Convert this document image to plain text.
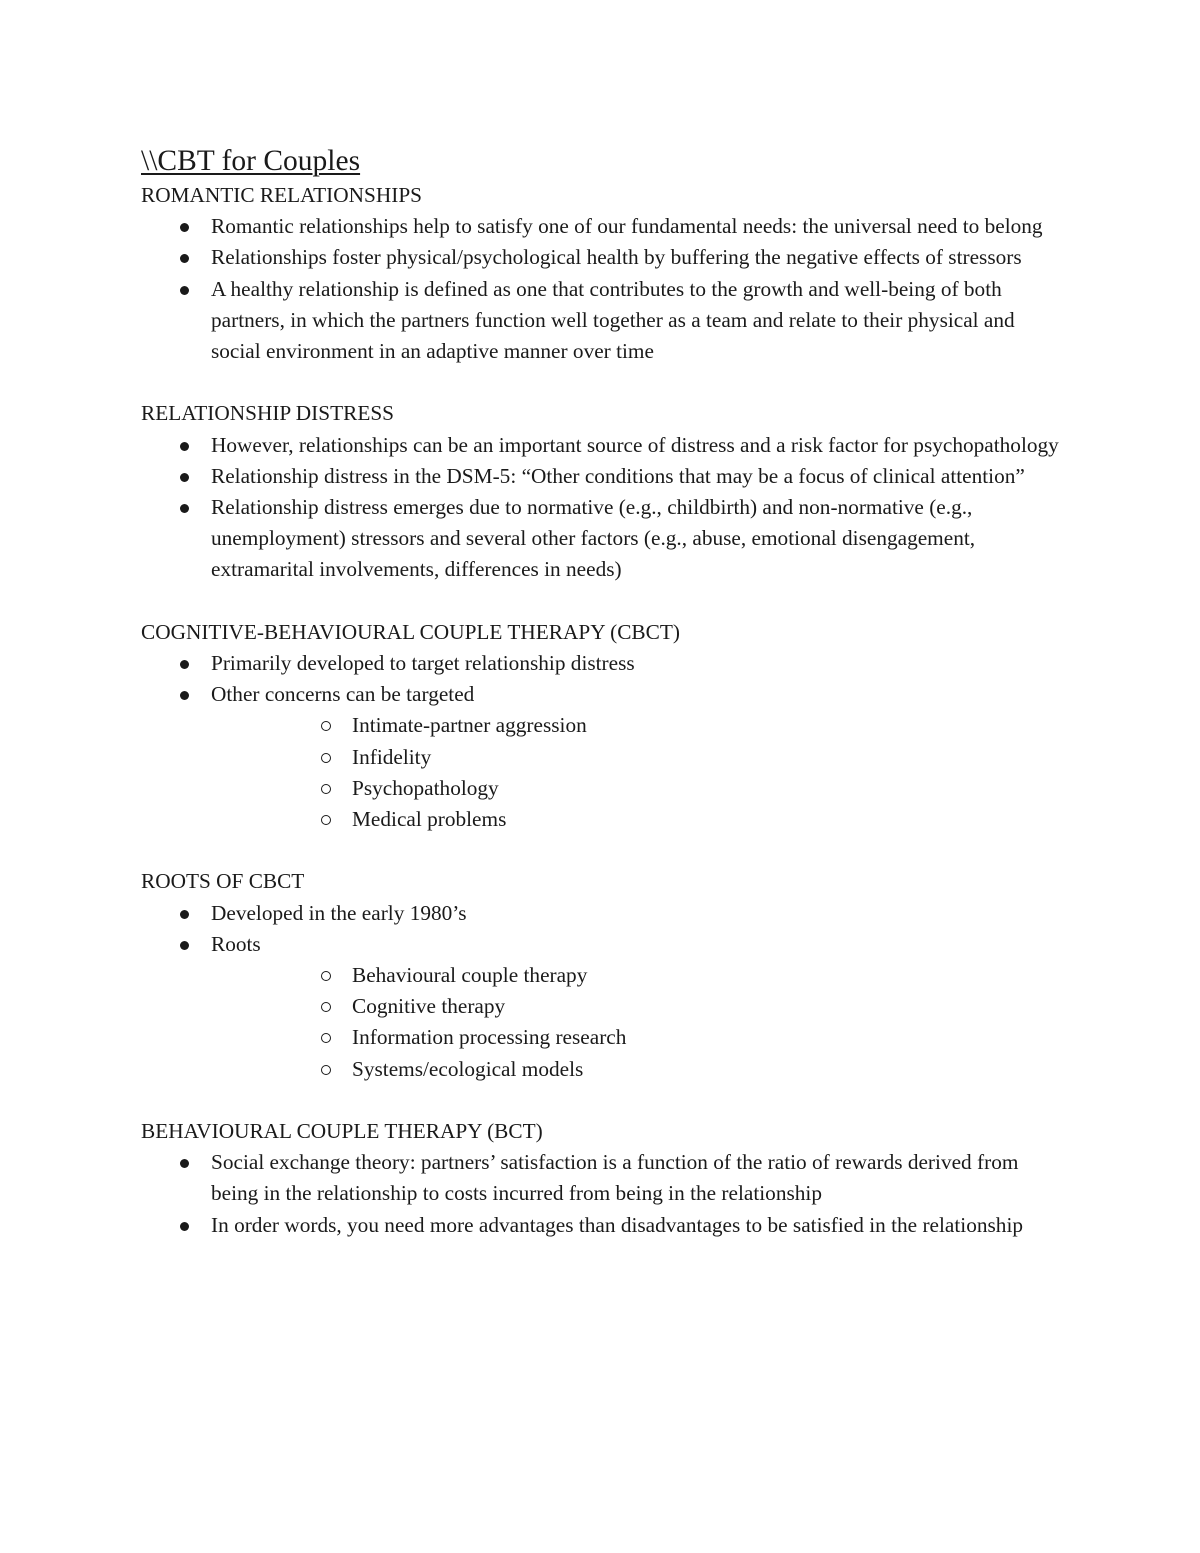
\\CBT for Couples
ROMANTIC RELATIONSHIPS
Romantic relationships help to satisfy one of our fundamental needs: the universal need to belong
Relationships foster physical/psychological health by buffering the negative effects of stressors
A healthy relationship is defined as one that contributes to the growth and well-being of both partners, in which the partners function well together as a team and relate to their physical and social environment in an adaptive manner over time
RELATIONSHIP DISTRESS
However, relationships can be an important source of distress and a risk factor for psychopathology
Relationship distress in the DSM-5: “Other conditions that may be a focus of clinical attention”
Relationship distress emerges due to normative (e.g., childbirth) and non-normative (e.g., unemployment) stressors and several other factors (e.g., abuse, emotional disengagement, extramarital involvements, differences in needs)
COGNITIVE-BEHAVIOURAL COUPLE THERAPY (CBCT)
Primarily developed to target relationship distress
Other concerns can be targeted
Intimate-partner aggression
Infidelity
Psychopathology
Medical problems
ROOTS OF CBCT
Developed in the early 1980’s
Roots
Behavioural couple therapy
Cognitive therapy
Information processing research
Systems/ecological models
BEHAVIOURAL COUPLE THERAPY (BCT)
Social exchange theory: partners’ satisfaction is a function of the ratio of rewards derived from being in the relationship to costs incurred from being in the relationship
In order words, you need more advantages than disadvantages to be satisfied in the relationship
